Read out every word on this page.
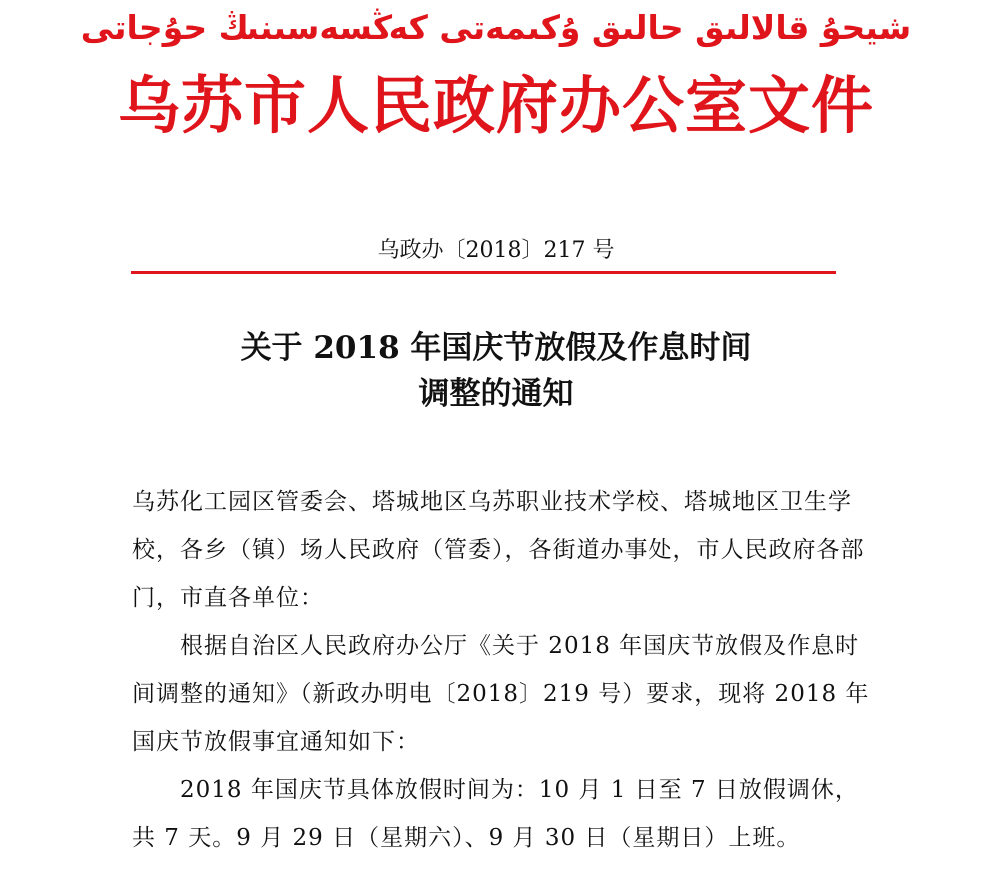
شيحۇ قالالىق حالىق ۇكىمەتى كەڭسەسىنىڭ حۇجاتى
乌苏市人民政府办公室文件
乌政办〔2018〕217 号
关于 2018 年国庆节放假及作息时间
调整的通知

乌苏化工园区管委会、塔城地区乌苏职业技术学校、塔城地区卫生学校，各乡（镇）场人民政府（管委），各街道办事处，市人民政府各部门，市直各单位：

根据自治区人民政府办公厅《关于 2018 年国庆节放假及作息时间调整的通知》（新政办明电〔2018〕219 号）要求，现将 2018 年国庆节放假事宜通知如下：

2018 年国庆节具体放假时间为：10 月 1 日至 7 日放假调休，共 7 天。9 月 29 日（星期六）、9 月 30 日（星期日）上班。
